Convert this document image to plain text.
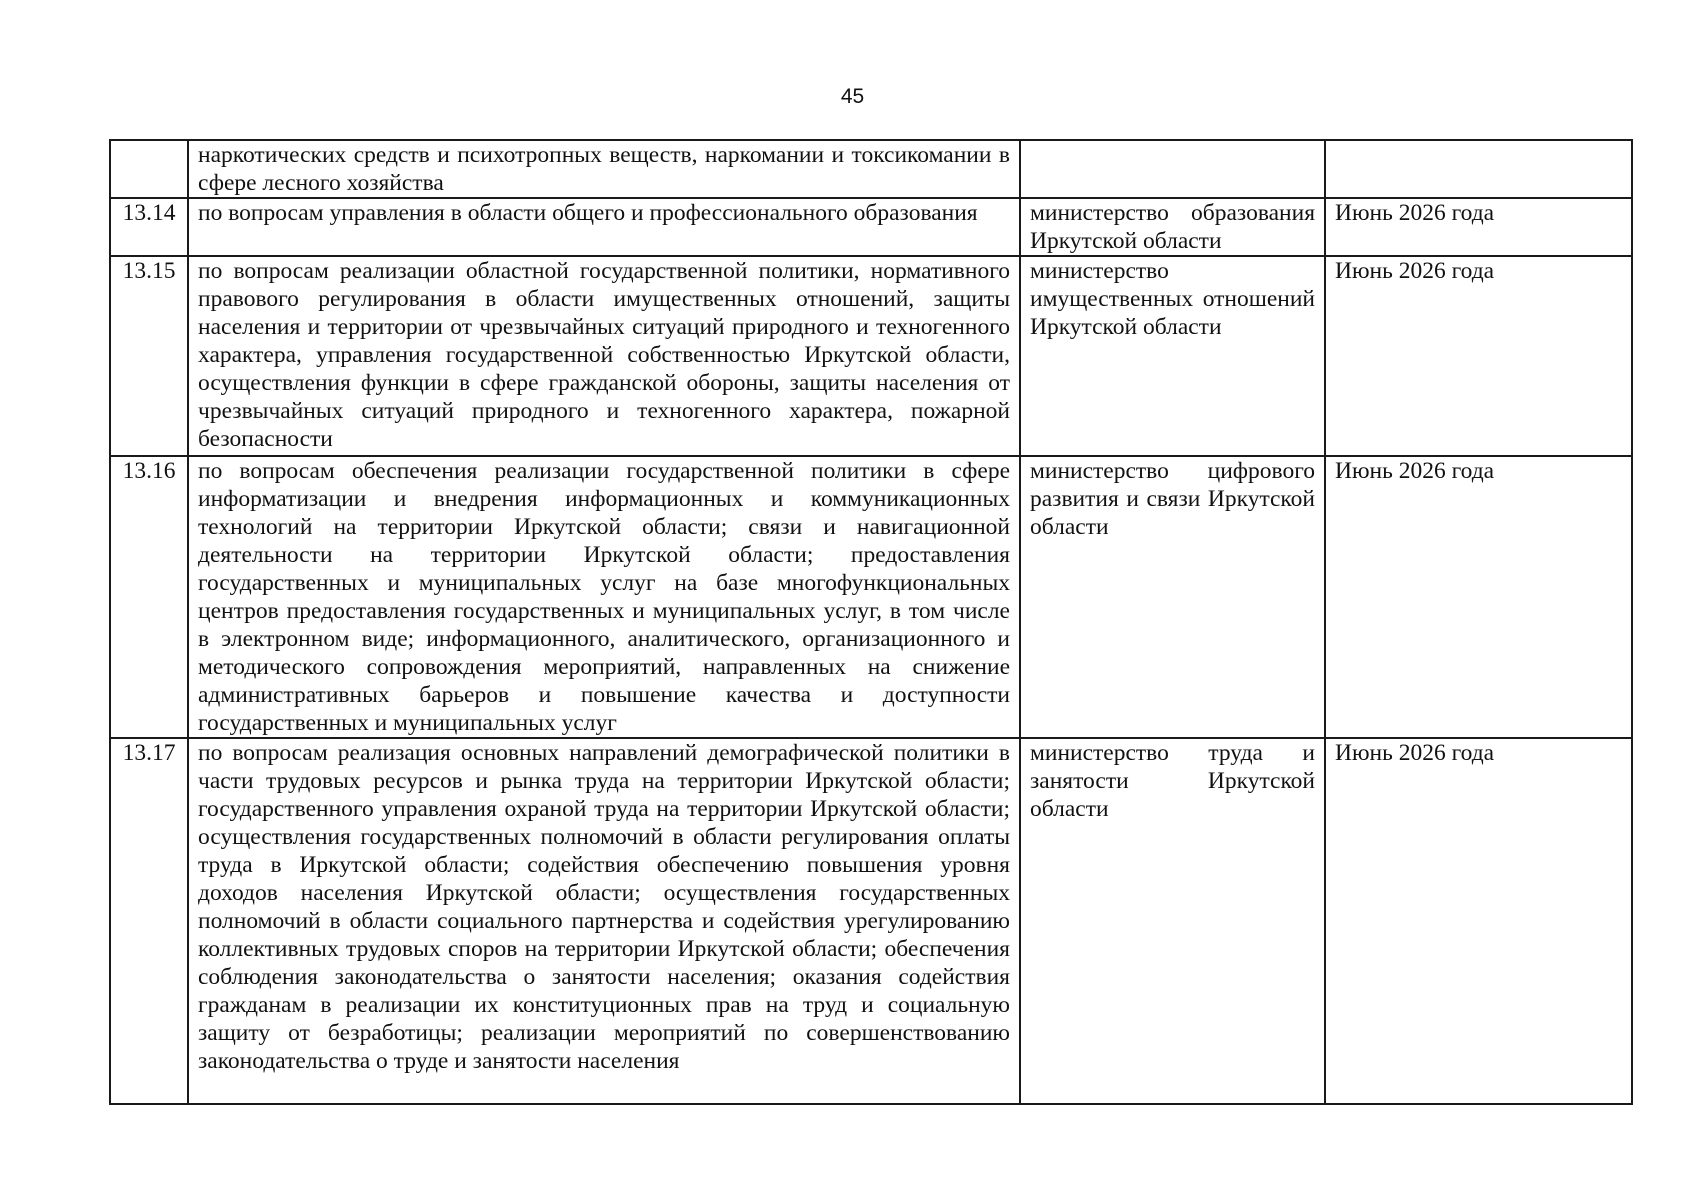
45
	наркотических средств и психотропных веществ, наркомании и токсикомании в сфере лесного хозяйства		
13.14	по вопросам управления в области общего и профессионального образования	министерство образования Иркутской области	Июнь 2026 года
13.15	по вопросам реализации областной государственной политики, нормативного правового регулирования в области имущественных отношений, защиты населения и территории от чрезвычайных ситуаций природного и техногенного характера, управления государственной собственностью Иркутской области, осуществления функции в сфере гражданской обороны, защиты населения от чрезвычайных ситуаций природного и техногенного характера, пожарной безопасности	министерство имущественных отношений Иркутской области	Июнь 2026 года
13.16	по вопросам обеспечения реализации государственной политики в сфере информатизации и внедрения информационных и коммуникационных технологий на территории Иркутской области; связи и навигационной деятельности на территории Иркутской области; предоставления государственных и муниципальных услуг на базе многофункциональных центров предоставления государственных и муниципальных услуг, в том числе в электронном виде; информационного, аналитического, организационного и методического сопровождения мероприятий, направленных на снижение административных барьеров и повышение качества и доступности государственных и муниципальных услуг	министерство цифрового развития и связи Иркутской области	Июнь 2026 года
13.17	по вопросам реализация основных направлений демографической политики в части трудовых ресурсов и рынка труда на территории Иркутской области; государственного управления охраной труда на территории Иркутской области; осуществления государственных полномочий в области регулирования оплаты труда в Иркутской области; содействия обеспечению повышения уровня доходов населения Иркутской области; осуществления государственных полномочий в области социального партнерства и содействия урегулированию коллективных трудовых споров на территории Иркутской области; обеспечения соблюдения законодательства о занятости населения; оказания содействия гражданам в реализации их конституционных прав на труд и социальную защиту от безработицы; реализации мероприятий по совершенствованию законодательства о труде и занятости населения	министерство труда и занятости Иркутской области	Июнь 2026 года
